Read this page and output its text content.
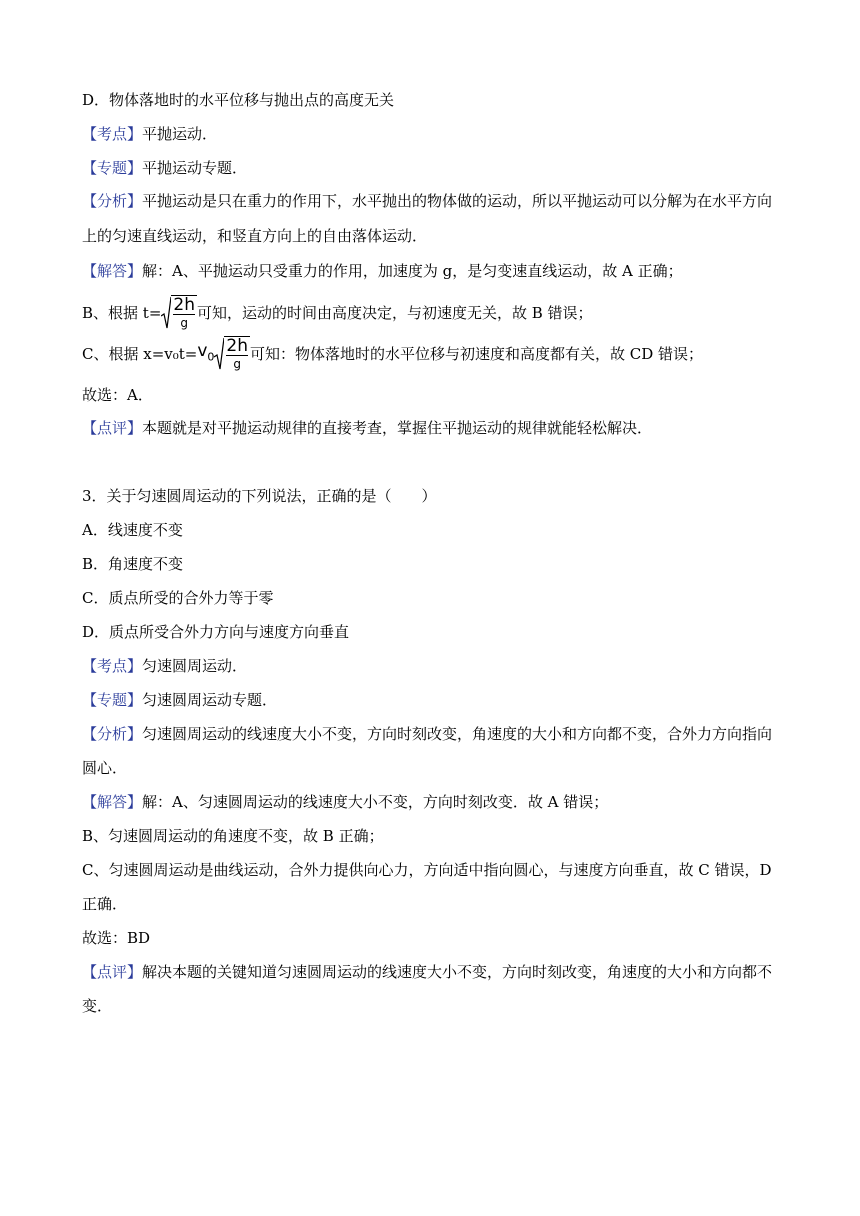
D．物体落地时的水平位移与抛出点的高度无关
【考点】平抛运动．
【专题】平抛运动专题．
【分析】平抛运动是只在重力的作用下，水平抛出的物体做的运动，所以平抛运动可以分解为在水平方向
上的匀速直线运动，和竖直方向上的自由落体运动．
【解答】解：A、平抛运动只受重力的作用，加速度为 g，是匀变速直线运动，故 A 正确；
B、根据 $t= \frac{2h}{g}$ 可知，运动的时间由高度决定，与初速度无关，故 B 错误；
C、根据 $x=v_0t= v_0 \frac{2h}{g}$ 可知：物体落地时的水平位移与初速度和高度都有关，故 CD 错误；
故选：A．
【点评】本题就是对平抛运动规律的直接考查，掌握住平抛运动的规律就能轻松解决．
3．关于匀速圆周运动的下列说法，正确的是（　　）
A．线速度不变
B．角速度不变
C．质点所受的合外力等于零
D．质点所受合外力方向与速度方向垂直
【考点】匀速圆周运动．
【专题】匀速圆周运动专题．
【分析】匀速圆周运动的线速度大小不变，方向时刻改变，角速度的大小和方向都不变，合外力方向指向
圆心．
【解答】解：A、匀速圆周运动的线速度大小不变，方向时刻改变．故 A 错误；
B、匀速圆周运动的角速度不变，故 B 正确；
C、匀速圆周运动是曲线运动，合外力提供向心力，方向适中指向圆心，与速度方向垂直，故 C 错误，D
正确．
故选：BD
【点评】解决本题的关键知道匀速圆周运动的线速度大小不变，方向时刻改变，角速度的大小和方向都不
变．
